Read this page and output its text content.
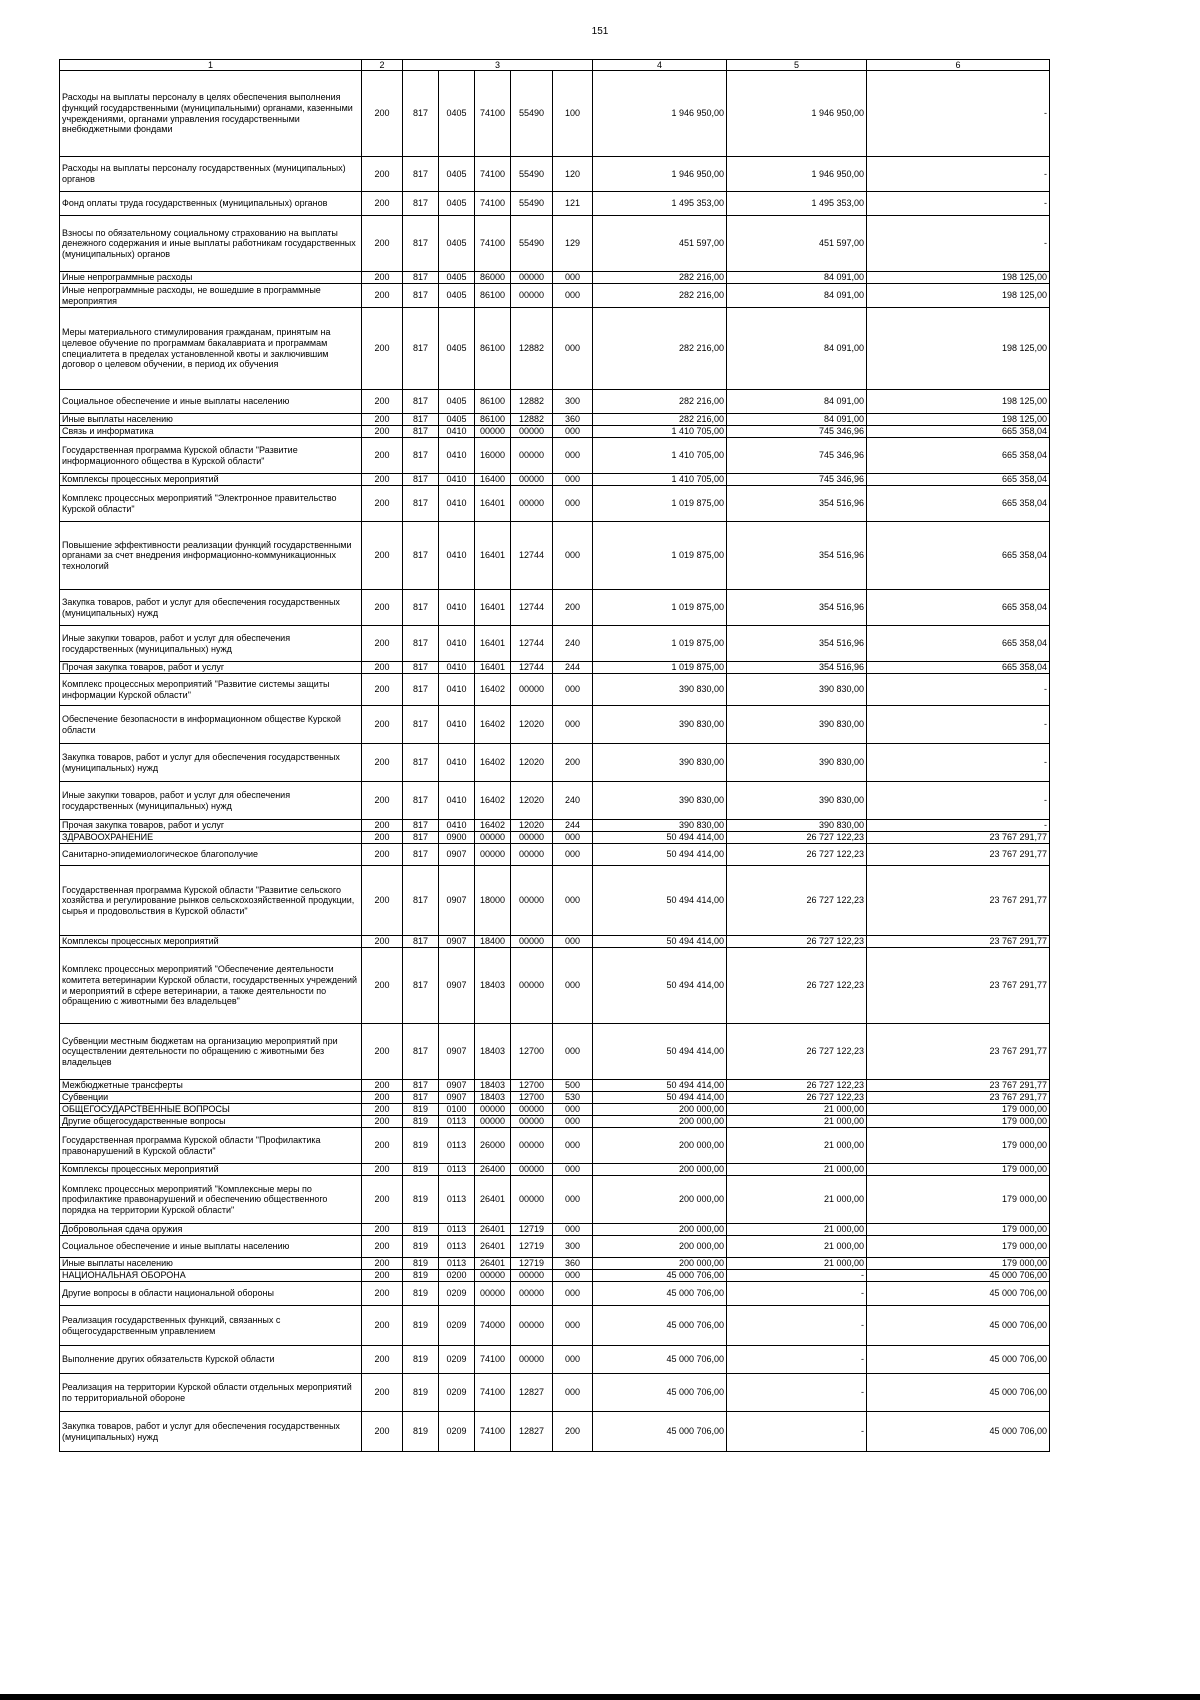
151
1	2	3					4	5	6
Расходы на выплаты персоналу в целях обеспечения выполнения функций государственными (муниципальными) органами, казенными учреждениями, органами управления государственными внебюджетными фондами	200	817	0405	74100	55490	100	1 946 950,00	1 946 950,00	-
Расходы на выплаты персоналу государственных (муниципальных) органов	200	817	0405	74100	55490	120	1 946 950,00	1 946 950,00	-
Фонд оплаты труда государственных (муниципальных) органов	200	817	0405	74100	55490	121	1 495 353,00	1 495 353,00	-
Взносы по обязательному социальному страхованию на выплаты денежного содержания и иные выплаты работникам государственных (муниципальных) органов	200	817	0405	74100	55490	129	451 597,00	451 597,00	-
Иные непрограммные расходы	200	817	0405	86000	00000	000	282 216,00	84 091,00	198 125,00
Иные непрограммные расходы, не вошедшие в программные мероприятия	200	817	0405	86100	00000	000	282 216,00	84 091,00	198 125,00
Меры материального стимулирования гражданам, принятым на целевое обучение по программам бакалавриата и программам специалитета в пределах установленной квоты и заключившим договор о целевом обучении, в период их обучения	200	817	0405	86100	12882	000	282 216,00	84 091,00	198 125,00
Социальное обеспечение и иные выплаты населению	200	817	0405	86100	12882	300	282 216,00	84 091,00	198 125,00
Иные выплаты населению	200	817	0405	86100	12882	360	282 216,00	84 091,00	198 125,00
Связь и информатика	200	817	0410	00000	00000	000	1 410 705,00	745 346,96	665 358,04
Государственная программа Курской области "Развитие информационного общества в Курской области"	200	817	0410	16000	00000	000	1 410 705,00	745 346,96	665 358,04
Комплексы процессных мероприятий	200	817	0410	16400	00000	000	1 410 705,00	745 346,96	665 358,04
Комплекс процессных мероприятий "Электронное правительство Курской области"	200	817	0410	16401	00000	000	1 019 875,00	354 516,96	665 358,04
Повышение эффективности реализации функций государственными органами за счет внедрения информационно-коммуникационных технологий	200	817	0410	16401	12744	000	1 019 875,00	354 516,96	665 358,04
Закупка товаров, работ и услуг для обеспечения государственных (муниципальных) нужд	200	817	0410	16401	12744	200	1 019 875,00	354 516,96	665 358,04
Иные закупки товаров, работ и услуг для обеспечения государственных (муниципальных) нужд	200	817	0410	16401	12744	240	1 019 875,00	354 516,96	665 358,04
Прочая закупка товаров, работ и услуг	200	817	0410	16401	12744	244	1 019 875,00	354 516,96	665 358,04
Комплекс процессных мероприятий "Развитие системы защиты информации Курской области"	200	817	0410	16402	00000	000	390 830,00	390 830,00	-
Обеспечение безопасности в информационном обществе Курской области	200	817	0410	16402	12020	000	390 830,00	390 830,00	-
Закупка товаров, работ и услуг для обеспечения государственных (муниципальных) нужд	200	817	0410	16402	12020	200	390 830,00	390 830,00	-
Иные закупки товаров, работ и услуг для обеспечения государственных (муниципальных) нужд	200	817	0410	16402	12020	240	390 830,00	390 830,00	-
Прочая закупка товаров, работ и услуг	200	817	0410	16402	12020	244	390 830,00	390 830,00	-
ЗДРАВООХРАНЕНИЕ	200	817	0900	00000	00000	000	50 494 414,00	26 727 122,23	23 767 291,77
Санитарно-эпидемиологическое благополучие	200	817	0907	00000	00000	000	50 494 414,00	26 727 122,23	23 767 291,77
Государственная программа Курской области "Развитие сельского хозяйства и регулирование рынков сельскохозяйственной продукции, сырья и продовольствия в Курской области"	200	817	0907	18000	00000	000	50 494 414,00	26 727 122,23	23 767 291,77
Комплексы процессных мероприятий	200	817	0907	18400	00000	000	50 494 414,00	26 727 122,23	23 767 291,77
Комплекс процессных мероприятий "Обеспечение деятельности комитета ветеринарии Курской области, государственных учреждений и мероприятий в сфере ветеринарии, а также деятельности по обращению с животными без владельцев"	200	817	0907	18403	00000	000	50 494 414,00	26 727 122,23	23 767 291,77
Субвенции местным бюджетам на организацию мероприятий при осуществлении деятельности по обращению с животными без владельцев	200	817	0907	18403	12700	000	50 494 414,00	26 727 122,23	23 767 291,77
Межбюджетные трансферты	200	817	0907	18403	12700	500	50 494 414,00	26 727 122,23	23 767 291,77
Субвенции	200	817	0907	18403	12700	530	50 494 414,00	26 727 122,23	23 767 291,77
ОБЩЕГОСУДАРСТВЕННЫЕ ВОПРОСЫ	200	819	0100	00000	00000	000	200 000,00	21 000,00	179 000,00
Другие общегосударственные вопросы	200	819	0113	00000	00000	000	200 000,00	21 000,00	179 000,00
Государственная программа Курской области "Профилактика правонарушений в Курской области"	200	819	0113	26000	00000	000	200 000,00	21 000,00	179 000,00
Комплексы процессных мероприятий	200	819	0113	26400	00000	000	200 000,00	21 000,00	179 000,00
Комплекс процессных мероприятий "Комплексные меры по профилактике правонарушений и обеспечению общественного порядка на территории Курской области"	200	819	0113	26401	00000	000	200 000,00	21 000,00	179 000,00
Добровольная сдача оружия	200	819	0113	26401	12719	000	200 000,00	21 000,00	179 000,00
Социальное обеспечение и иные выплаты населению	200	819	0113	26401	12719	300	200 000,00	21 000,00	179 000,00
Иные выплаты населению	200	819	0113	26401	12719	360	200 000,00	21 000,00	179 000,00
НАЦИОНАЛЬНАЯ ОБОРОНА	200	819	0200	00000	00000	000	45 000 706,00	-	45 000 706,00
Другие вопросы в области национальной обороны	200	819	0209	00000	00000	000	45 000 706,00	-	45 000 706,00
Реализация государственных функций, связанных с общегосударственным управлением	200	819	0209	74000	00000	000	45 000 706,00	-	45 000 706,00
Выполнение других обязательств Курской области	200	819	0209	74100	00000	000	45 000 706,00	-	45 000 706,00
Реализация на территории Курской области отдельных мероприятий по территориальной обороне	200	819	0209	74100	12827	000	45 000 706,00	-	45 000 706,00
Закупка товаров, работ и услуг для обеспечения государственных (муниципальных) нужд	200	819	0209	74100	12827	200	45 000 706,00	-	45 000 706,00
